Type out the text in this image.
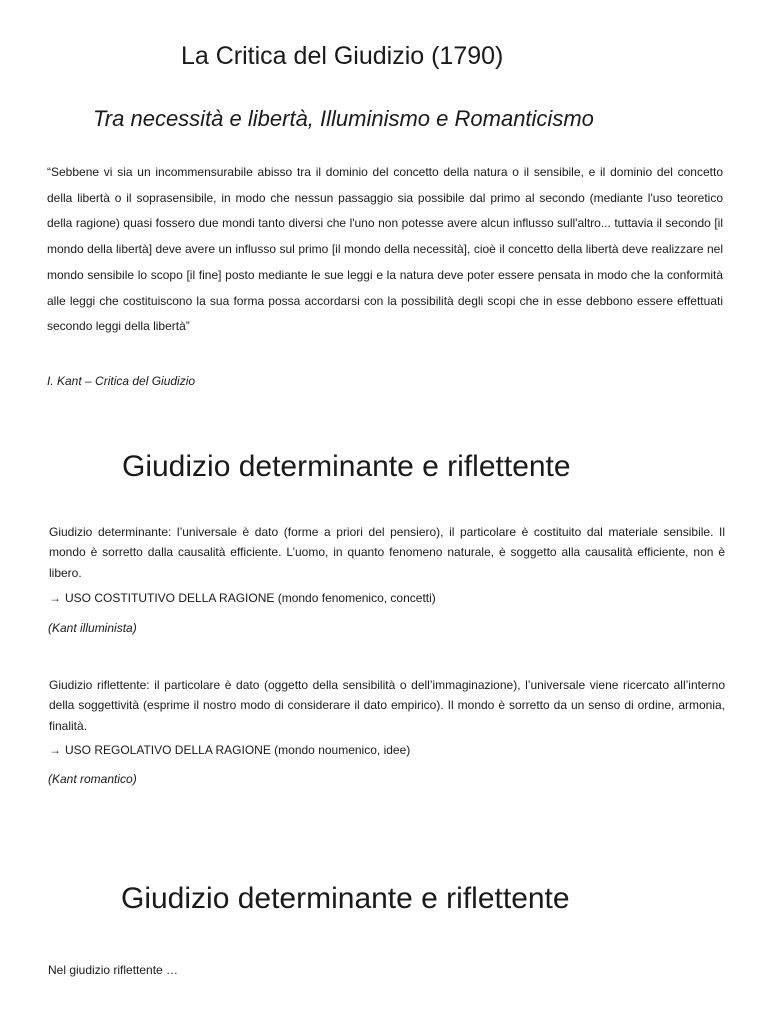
La Critica del Giudizio (1790)
Tra necessità e libertà, Illuminismo e Romanticismo

“Sebbene vi sia un incommensurabile abisso tra il dominio del concetto della natura o il sensibile, e il dominio del concetto della libertà o il soprasensibile, in modo che nessun passaggio sia possibile dal primo al secondo (mediante l'uso teoretico della ragione) quasi fossero due mondi tanto diversi che l'uno non potesse avere alcun influsso sull'altro... tuttavia il secondo [il mondo della libertà] deve avere un influsso sul primo [il mondo della necessità], cioè il concetto della libertà deve realizzare nel mondo sensibile lo scopo [il fine] posto mediante le sue leggi e la natura deve poter essere pensata in modo che la conformità alle leggi che costituiscono la sua forma possa accordarsi con la possibilità degli scopi che in esse debbono essere effettuati secondo leggi della libertà”

I. Kant – Critica del Giudizio
Giudizio determinante e riflettente

Giudizio determinante: l’universale è dato (forme a priori del pensiero), il particolare è costituito dal materiale sensibile. Il mondo è sorretto dalla causalità efficiente. L’uomo, in quanto fenomeno naturale, è soggetto alla causalità efficiente, non è libero.

→ USO COSTITUTIVO DELLA RAGIONE (mondo fenomenico, concetti)
(Kant illuminista)

Giudizio riflettente: il particolare è dato (oggetto della sensibilità o dell’immaginazione), l’universale viene ricercato all’interno della soggettività (esprime il nostro modo di considerare il dato empirico). Il mondo è sorretto da un senso di ordine, armonia, finalità.

→ USO REGOLATIVO DELLA RAGIONE (mondo noumenico, idee)
(Kant romantico)
Giudizio determinante e riflettente
Nel giudizio riflettente …
